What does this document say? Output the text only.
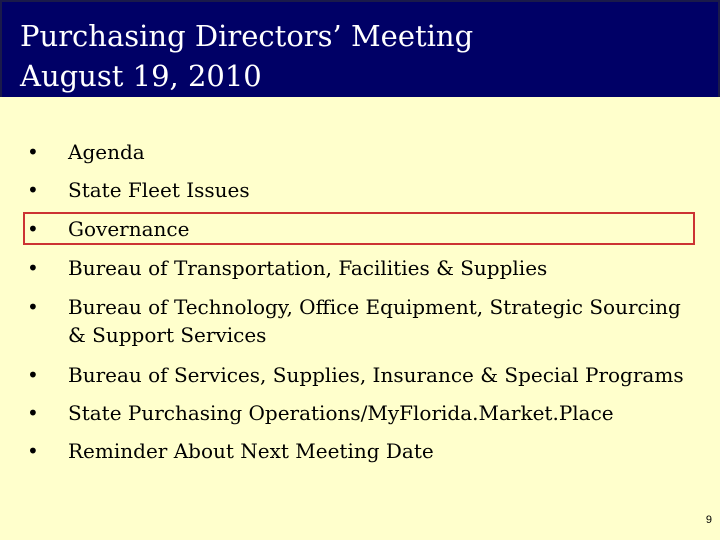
Purchasing Directors’ Meeting
August 19, 2010
• Agenda
• State Fleet Issues
• Governance
• Bureau of Transportation, Facilities & Supplies
• Bureau of Technology, Office Equipment, Strategic Sourcing & Support Services
• Bureau of Services, Supplies, Insurance & Special Programs
• State Purchasing Operations/MyFlorida.Market.Place
• Reminder About Next Meeting Date
9
